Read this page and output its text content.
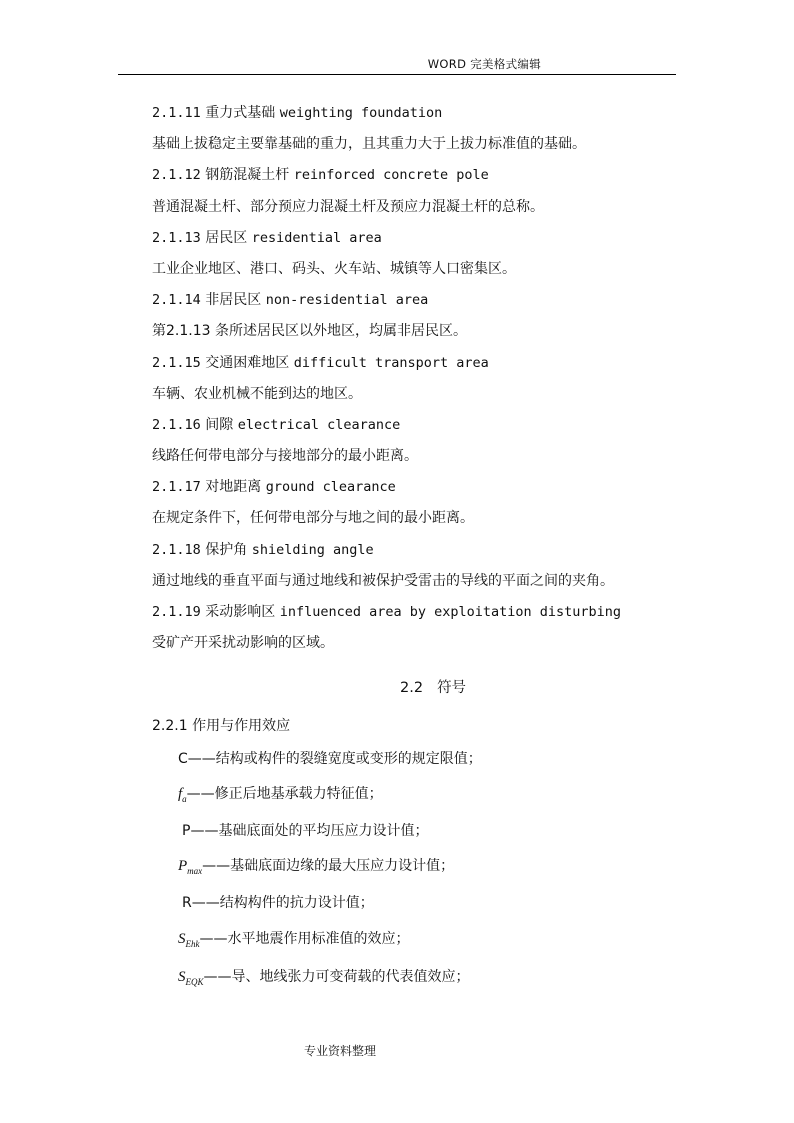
WORD 完美格式编辑
2.1.11 重力式基础 weighting foundation
基础上拔稳定主要靠基础的重力，且其重力大于上拔力标准值的基础。
2.1.12 钢筋混凝土杆 reinforced concrete pole
普通混凝土杆、部分预应力混凝土杆及预应力混凝土杆的总称。
2.1.13 居民区 residential area
工业企业地区、港口、码头、火车站、城镇等人口密集区。
2.1.14 非居民区 non-residential area
第2.1.13 条所述居民区以外地区，均属非居民区。
2.1.15 交通困难地区 difficult transport area
车辆、农业机械不能到达的地区。
2.1.16 间隙 electrical clearance
线路任何带电部分与接地部分的最小距离。
2.1.17 对地距离 ground clearance
在规定条件下，任何带电部分与地之间的最小距离。
2.1.18 保护角 shielding angle
通过地线的垂直平面与通过地线和被保护受雷击的导线的平面之间的夹角。
2.1.19 采动影响区 influenced area by exploitation disturbing
受矿产开采扰动影响的区域。
2.2 符号
2.2.1 作用与作用效应
C——结构或构件的裂缝宽度或变形的规定限值；
$f_a——$修正后地基承载力特征值；
P——基础底面处的平均压应力设计值；
$P_{max}——$基础底面边缘的最大压应力设计值；
R——结构构件的抗力设计值；
$S_{Ehk}——$水平地震作用标准值的效应；
$S_{EQK}——$导、地线张力可变荷载的代表值效应；
专业资料整理
